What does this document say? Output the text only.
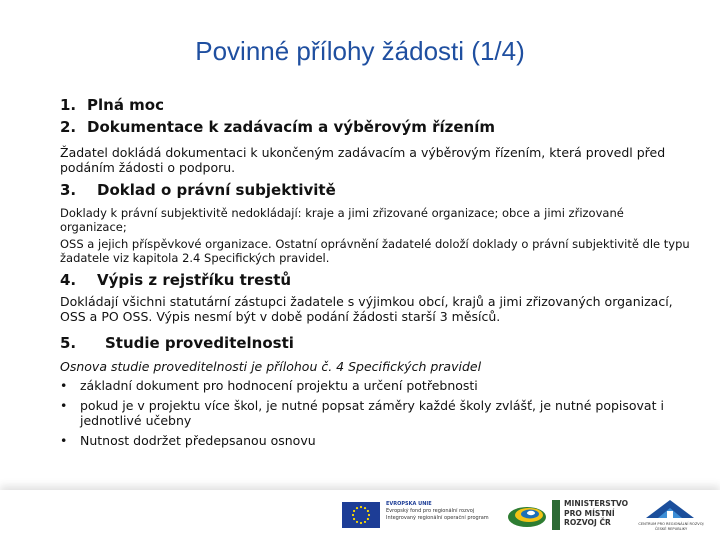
Povinné přílohy žádosti (1/4)
1. Plná moc
2. Dokumentace k zadávacím a výběrovým řízením
Žadatel dokládá dokumentaci k ukončeným zadávacím a výběrovým řízením, která provedl před podáním žádosti o podporu.
3.	Doklad o právní subjektivitě
Doklady k právní subjektivitě nedokládají: kraje a jimi zřizované organizace; obce a jimi zřizované organizace;
OSS a jejich příspěvkové organizace. Ostatní oprávnění žadatelé doloží doklady o právní subjektivitě dle typu žadatele viz kapitola 2.4 Specifických pravidel.
4.	Výpis z rejstříku trestů
Dokládají všichni statutární zástupci žadatele s výjimkou obcí, krajů a jimi zřizovaných organizací, OSS a PO OSS. Výpis nesmí být v době podání žádosti starší 3 měsíců.
5.	Studie proveditelnosti
Osnova studie proveditelnosti je přílohou č. 4 Specifických pravidel
•	základní dokument pro hodnocení projektu a určení potřebnosti
•	pokud je v projektu více škol, je nutné popsat záměry každé školy zvlášť, je nutné popisovat i jednotlivé učebny
•	Nutnost dodržet předepsanou osnovu
EVROPSKÁ UNIE
Evropský fond pro regionální rozvoj
Integrovaný regionální operační program
MINISTERSTVO
PRO MÍSTNÍ
ROZVOJ ČR	CENTRUM PRO REGIONÁLNÍ ROZVOJ
ČESKÉ REPUBLIKY
